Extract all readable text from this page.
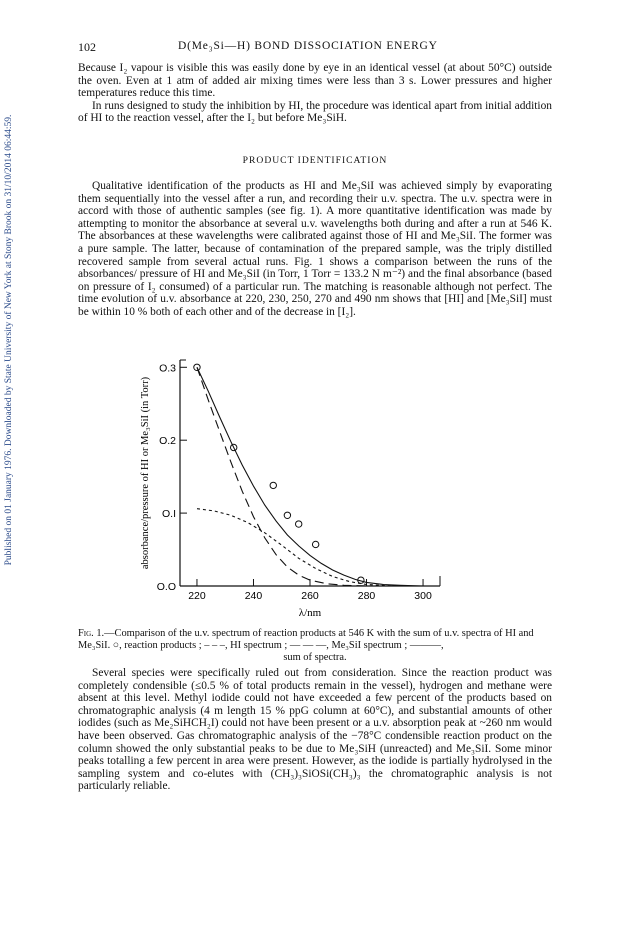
Published on 01 January 1976. Downloaded by State University of New York at Stony Brook on 31/10/2014 06:44:59.
102	D(Me₃Si—H) BOND DISSOCIATION ENERGY

Because I₂ vapour is visible this was easily done by eye in an identical vessel (at about 50°C) outside the oven. Even at 1 atm of added air mixing times were less than 3 s. Lower pressures and higher temperatures reduce this time.

In runs designed to study the inhibition by HI, the procedure was identical apart from initial addition of HI to the reaction vessel, after the I₂ but before Me₃SiH.

PRODUCT IDENTIFICATION

Qualitative identification of the products as HI and Me₃SiI was achieved simply by evaporating them sequentially into the vessel after a run, and recording their u.v. spectra. The u.v. spectra were in accord with those of authentic samples (see fig. 1). A more quantitative identification was made by attempting to monitor the absorbance at several u.v. wavelengths both during and after a run at 546 K. The absorbances at these wavelengths were calibrated against those of HI and Me₃SiI. The former was a pure sample. The latter, because of contamination of the prepared sample, was the triply distilled recovered sample from several actual runs. Fig. 1 shows a comparison between the runs of the absorbances/ pressure of HI and Me₃SiI (in Torr, 1 Torr = 133.2 N m⁻²) and the final absorbance (based on pressure of I₂ consumed) of a particular run. The matching is reasonable although not perfect. The time evolution of u.v. absorbance at 220, 230, 250, 270 and 490 nm shows that [HI] and [Me₃SiI] must be within 10 % both of each other and of the decrease in [I₂].

220	240	260	280	300
O.O
O.I
O.2
O.3
λ/nm
absorbance/pressure of HI or Me₃SiI (in Torr)
Fig. 1.—Comparison of the u.v. spectrum of reaction products at 546 K with the sum of u.v. spectra of HI and Me₃SiI. ○, reaction products ; – – –, HI spectrum ; — — —, Me₃SiI spectrum ; ———,
sum of spectra.

Several species were specifically ruled out from consideration. Since the reaction product was completely condensible (≤0.5 % of total products remain in the vessel), hydrogen and methane were absent at this level. Methyl iodide could not have exceeded a few percent of the products based on chromatographic analysis (4 m length 15 % ppG column at 60°C), and substantial amounts of other iodides (such as Me₂SiHCH₂I) could not have been present or a u.v. absorption peak at ~260 nm would have been observed. Gas chromatographic analysis of the −78°C condensible reaction product on the column showed the only substantial peaks to be due to Me₃SiH (unreacted) and Me₃SiI. Some minor peaks totalling a few percent in area were present. However, as the iodide is partially hydrolysed in the sampling system and co-elutes with (CH₃)₃SiOSi(CH₃)₃ the chromatographic analysis is not particularly reliable.
